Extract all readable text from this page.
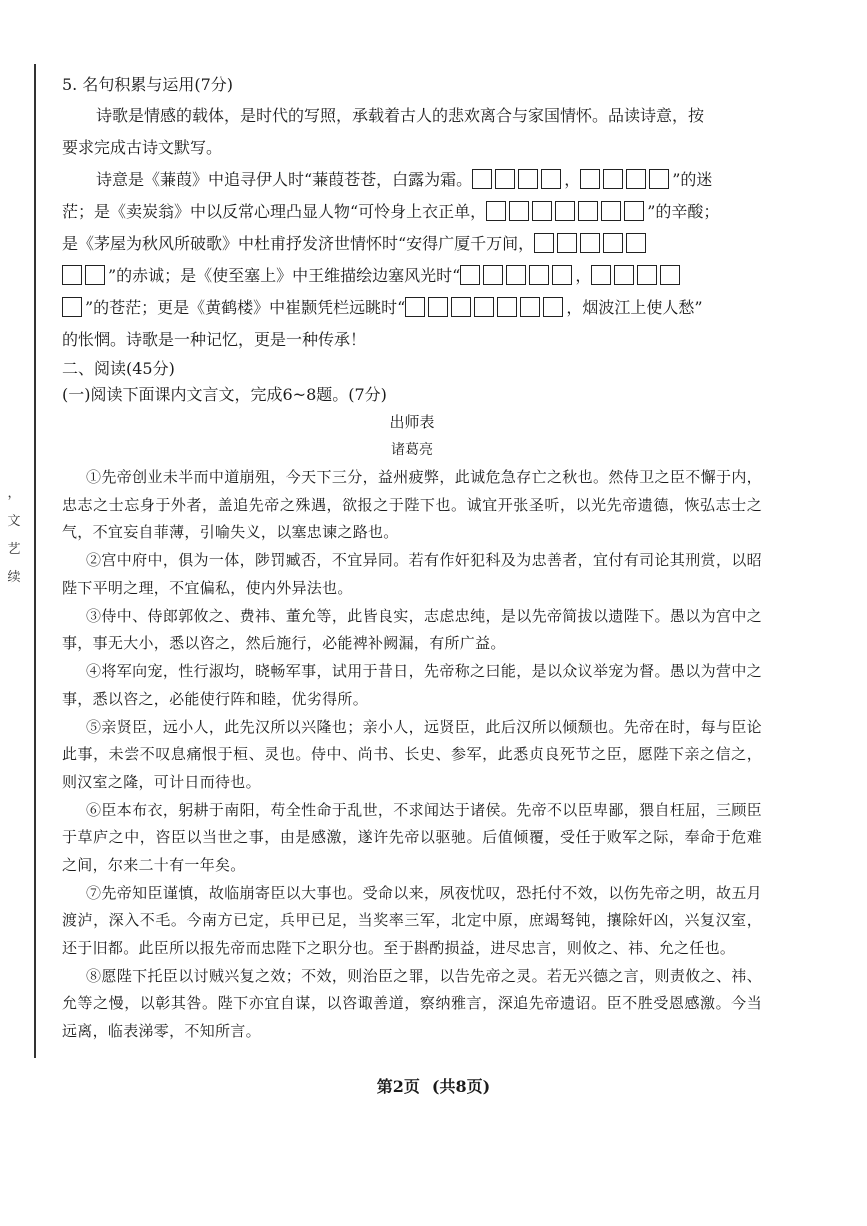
，
文
艺
续
5. 名句积累与运用(7分)
诗歌是情感的载体，是时代的写照，承载着古人的悲欢离合与家国情怀。品读诗意，按
要求完成古诗文默写。
诗意是《蒹葭》中追寻伊人时“蒹葭苍苍，白露为霜。	，	”的迷
茫；是《卖炭翁》中以反常心理凸显人物“可怜身上衣正单，	”的辛酸；
是《茅屋为秋风所破歌》中杜甫抒发济世情怀时“安得广厦千万间，
”的赤诚；是《使至塞上》中王维描绘边塞风光时“	，
”的苍茫；更是《黄鹤楼》中崔颢凭栏远眺时“	，烟波江上使人愁”
的怅惘。诗歌是一种记忆，更是一种传承！
二、阅读(45分)
(一)阅读下面课内文言文，完成6~8题。(7分)
出师表
诸葛亮
①先帝创业未半而中道崩殂，今天下三分，益州疲弊，此诚危急存亡之秋也。然侍卫之臣不懈于内，忠志之士忘身于外者，盖追先帝之殊遇，欲报之于陛下也。诚宜开张圣听，以光先帝遗德，恢弘志士之气，不宜妄自菲薄，引喻失义，以塞忠谏之路也。
②宫中府中，俱为一体，陟罚臧否，不宜异同。若有作奸犯科及为忠善者，宜付有司论其刑赏，以昭陛下平明之理，不宜偏私，使内外异法也。
③侍中、侍郎郭攸之、费祎、董允等，此皆良实，志虑忠纯，是以先帝简拔以遗陛下。愚以为宫中之事，事无大小，悉以咨之，然后施行，必能裨补阙漏，有所广益。
④将军向宠，性行淑均，晓畅军事，试用于昔日，先帝称之曰能，是以众议举宠为督。愚以为营中之事，悉以咨之，必能使行阵和睦，优劣得所。
⑤亲贤臣，远小人，此先汉所以兴隆也；亲小人，远贤臣，此后汉所以倾颓也。先帝在时，每与臣论此事，未尝不叹息痛恨于桓、灵也。侍中、尚书、长史、参军，此悉贞良死节之臣，愿陛下亲之信之，则汉室之隆，可计日而待也。
⑥臣本布衣，躬耕于南阳，苟全性命于乱世，不求闻达于诸侯。先帝不以臣卑鄙，猥自枉屈，三顾臣于草庐之中，咨臣以当世之事，由是感激，遂许先帝以驱驰。后值倾覆，受任于败军之际，奉命于危难之间，尔来二十有一年矣。
⑦先帝知臣谨慎，故临崩寄臣以大事也。受命以来，夙夜忧叹，恐托付不效，以伤先帝之明，故五月渡泸，深入不毛。今南方已定，兵甲已足，当奖率三军，北定中原，庶竭驽钝，攘除奸凶，兴复汉室，还于旧都。此臣所以报先帝而忠陛下之职分也。至于斟酌损益，进尽忠言，则攸之、祎、允之任也。
⑧愿陛下托臣以讨贼兴复之效；不效，则治臣之罪，以告先帝之灵。若无兴德之言，则责攸之、祎、允等之慢，以彰其咎。陛下亦宜自谋，以咨诹善道，察纳雅言，深追先帝遗诏。臣不胜受恩感激。今当远离，临表涕零，不知所言。
第2页 (共8页)
